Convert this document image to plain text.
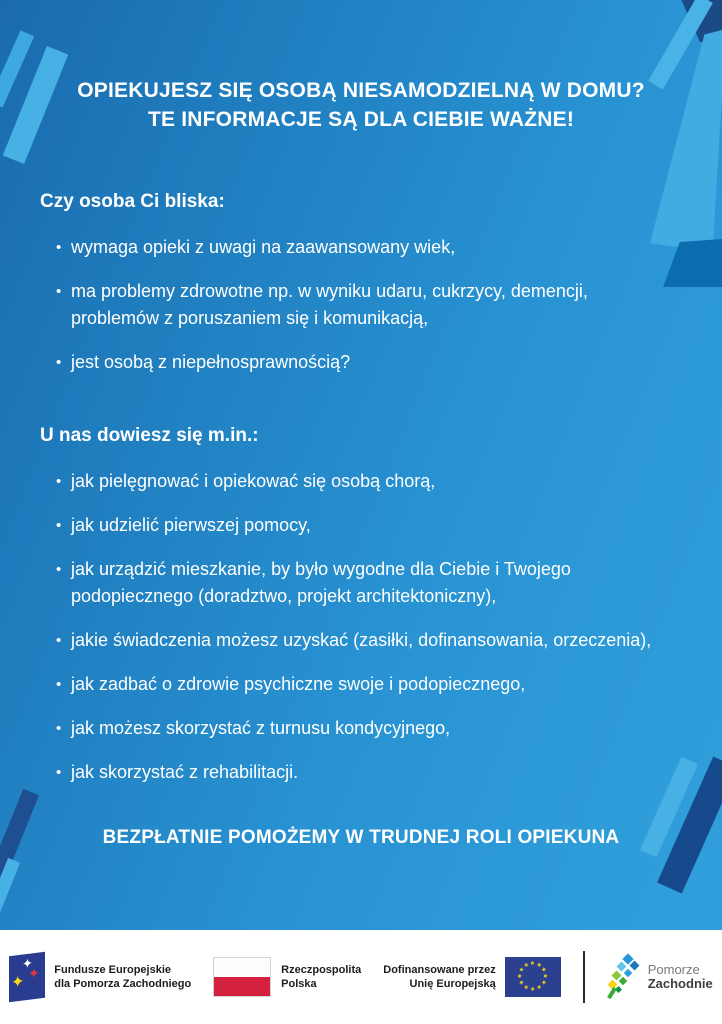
OPIEKUJESZ SIĘ OSOBĄ NIESAMODZIELNĄ W DOMU?
TE INFORMACJE SĄ DLA CIEBIE WAŻNE!
Czy osoba Ci bliska:
• wymaga opieki z uwagi na zaawansowany wiek,
• ma problemy zdrowotne np. w wyniku udaru, cukrzycy, demencji, problemów z poruszaniem się i komunikacją,
• jest osobą z niepełnosprawnością?
U nas dowiesz się m.in.:
• jak pielęgnować i opiekować się osobą chorą,
• jak udzielić pierwszej pomocy,
• jak urządzić mieszkanie, by było wygodne dla Ciebie i Twojego podopiecznego (doradztwo, projekt architektoniczny),
• jakie świadczenia możesz uzyskać (zasiłki, dofinansowania, orzeczenia),
• jak zadbać o zdrowie psychiczne swoje i podopiecznego,
• jak możesz skorzystać z turnusu kondycyjnego,
• jak skorzystać z rehabilitacji.
BEZPŁATNIE POMOŻEMY W TRUDNEJ ROLI OPIEKUNA
✦
✦
✦ Fundusze Europejskie
dla Pomorza Zachodniego
Rzeczpospolita
Polska
Dofinansowane przez
Unię Europejską
★ ★
★
★
★
★
★
★
★
★
★
★	Pomorze
Zachodnie
